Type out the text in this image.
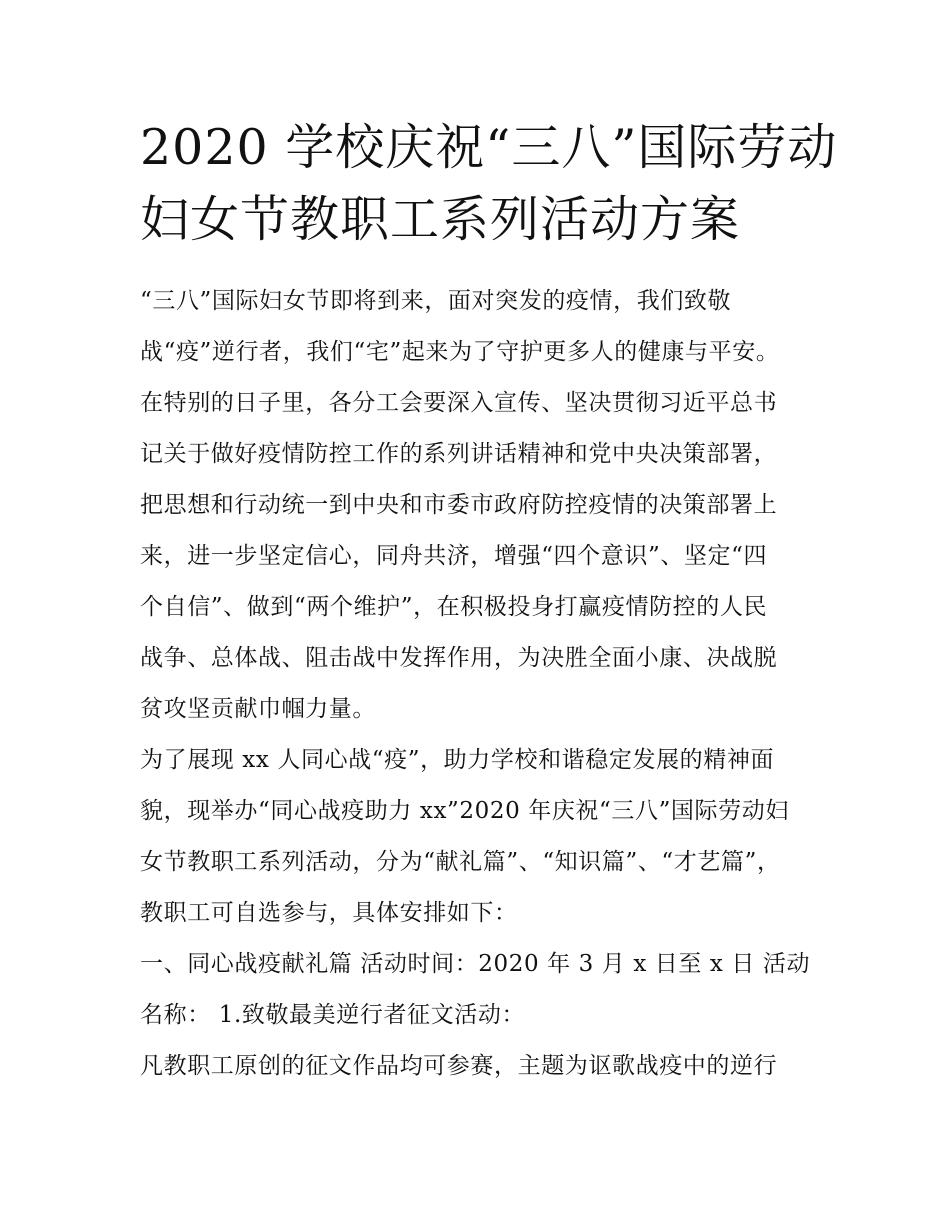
2020 学校庆祝“三八”国际劳动
妇女节教职工系列活动方案
“三八”国际妇女节即将到来，面对突发的疫情，我们致敬
战“疫”逆行者，我们“宅”起来为了守护更多人的健康与平安。
在特别的日子里，各分工会要深入宣传、坚决贯彻习近平总书
记关于做好疫情防控工作的系列讲话精神和党中央决策部署，
把思想和行动统一到中央和市委市政府防控疫情的决策部署上
来，进一步坚定信心，同舟共济，增强“四个意识”、坚定“四
个自信”、做到“两个维护”，在积极投身打赢疫情防控的人民
战争、总体战、阻击战中发挥作用，为决胜全面小康、决战脱
贫攻坚贡献巾帼力量。
为了展现 xx 人同心战“疫”，助力学校和谐稳定发展的精神面
貌，现举办“同心战疫助力 xx”2020 年庆祝“三八”国际劳动妇
女节教职工系列活动，分为“献礼篇”、“知识篇”、“才艺篇”，
教职工可自选参与，具体安排如下：
一、同心战疫献礼篇 活动时间：2020 年 3 月 x 日至 x 日 活动
名称： 1.致敬最美逆行者征文活动：
凡教职工原创的征文作品均可参赛，主题为讴歌战疫中的逆行
